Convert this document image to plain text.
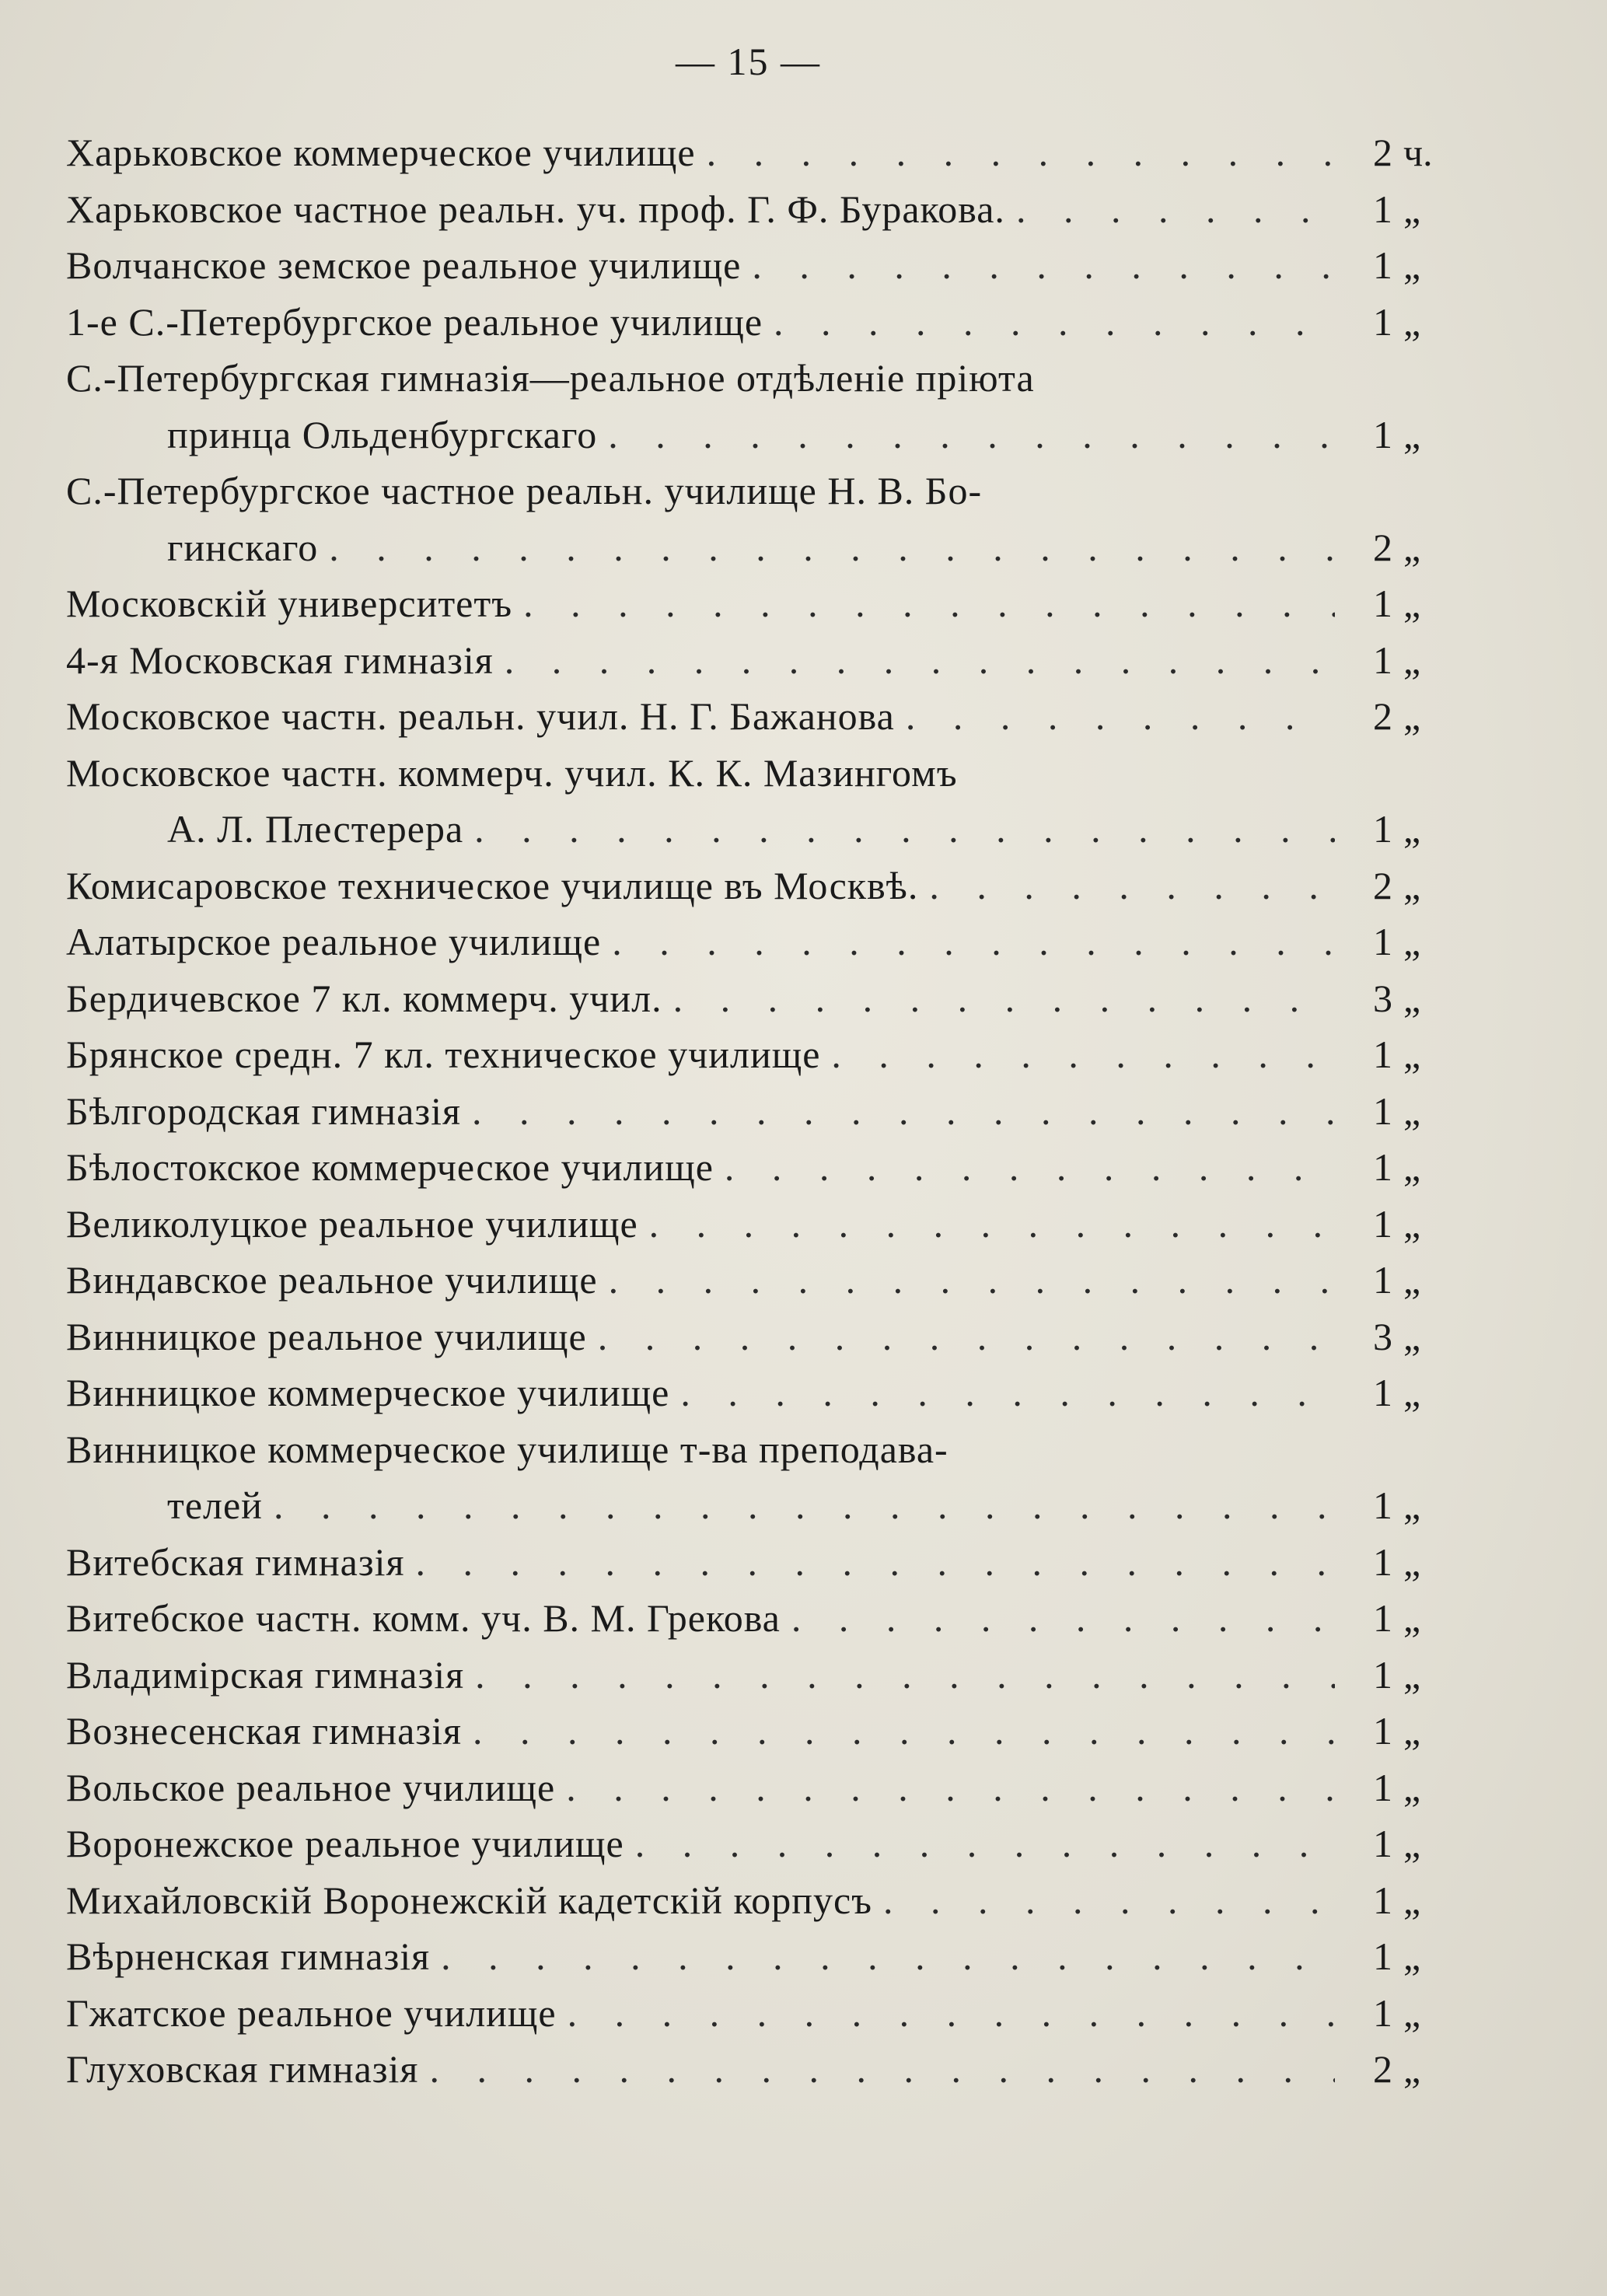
— 15 —
Харьковское коммерческое училище . . .	2 ч.
Харьковское частное реальн. уч. проф. Г. Ф. Буракова. . . .	1 „
Волчанское земское реальное училище . . .	1 „
1-е С.-Петербургское реальное училище . . .	1 „
С.-Петербургская гимназія—реальное отдѣленіе пріюта
принца Ольденбургскаго . . .	1 „
С.-Петербургское частное реальн. училище Н. В. Бо-
гинскаго . . .	2 „
Московскій университетъ . . .	1 „
4-я Московская гимназія . . .	1 „
Московское частн. реальн. учил. Н. Г. Бажанова . . .	2 „
Московское частн. коммерч. учил. К. К. Мазингомъ
А. Л. Плестерера . . .	1 „
Комисаровское техническое училище въ Москвѣ. . . .	2 „
Алатырское реальное училище . . .	1 „
Бердичевское 7 кл. коммерч. учил. . . .	3 „
Брянское средн. 7 кл. техническое училище . . .	1 „
Бѣлгородская гимназія . . .	1 „
Бѣлостокское коммерческое училище . . .	1 „
Великолуцкое реальное училище . . .	1 „
Виндавское реальное училище . . .	1 „
Винницкое реальное училище . . .	3 „
Винницкое коммерческое училище . . .	1 „
Винницкое коммерческое училище т-ва преподава-
телей . . .	1 „
Витебская гимназія . . .	1 „
Витебское частн. комм. уч. В. М. Грекова . . .	1 „
Владимірская гимназія . . .	1 „
Вознесенская гимназія . . .	1 „
Вольское реальное училище . . .	1 „
Воронежское реальное училище . . .	1 „
Михайловскій Воронежскій кадетскій корпусъ . . .	1 „
Вѣрненская гимназія . . .	1 „
Гжатское реальное училище . . .	1 „
Глуховская гимназія . . .	2 „
